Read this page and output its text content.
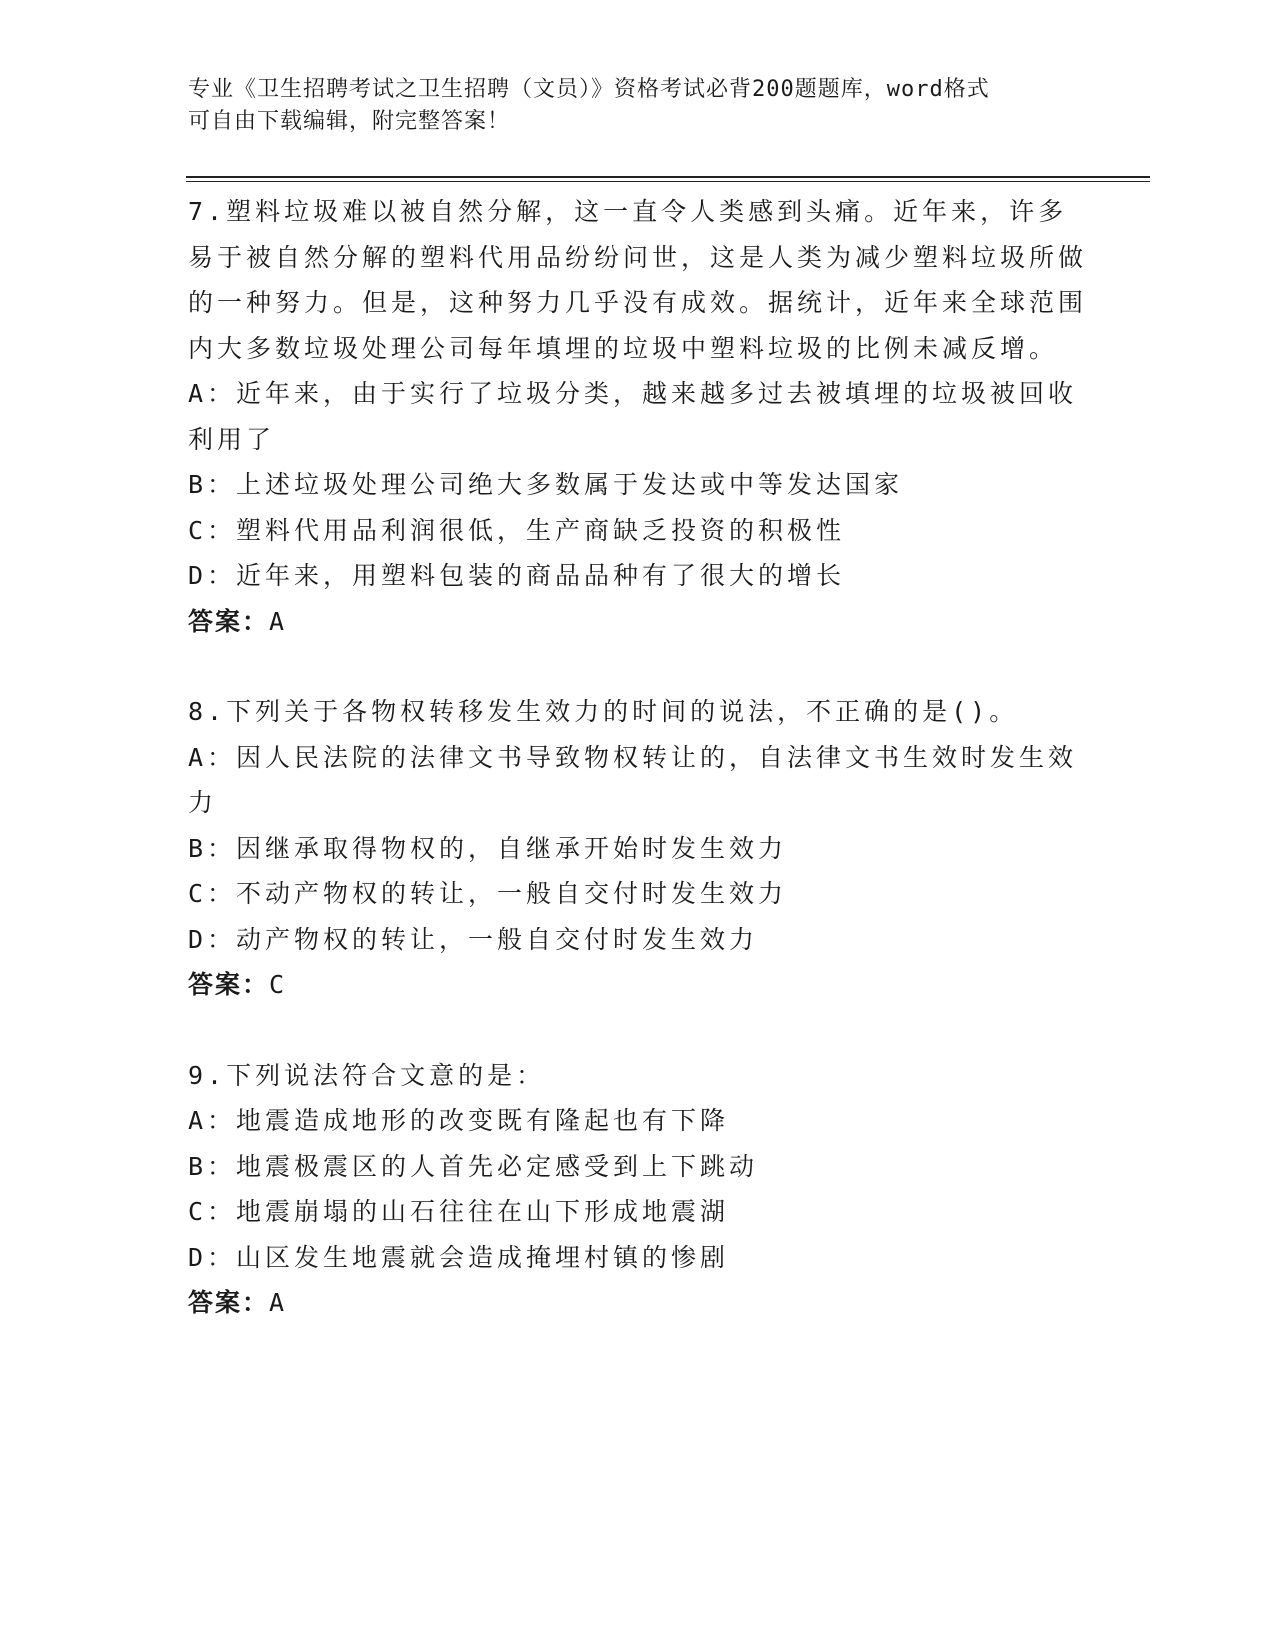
专业《卫生招聘考试之卫生招聘（文员）》资格考试必背200题题库，word格式
可自由下载编辑，附完整答案！

7.塑料垃圾难以被自然分解，这一直令人类感到头痛。近年来，许多易于被自然分解的塑料代用品纷纷问世，这是人类为减少塑料垃圾所做的一种努力。但是，这种努力几乎没有成效。据统计，近年来全球范围内大多数垃圾处理公司每年填埋的垃圾中塑料垃圾的比例未减反增。

A：近年来，由于实行了垃圾分类，越来越多过去被填埋的垃圾被回收利用了

B：上述垃圾处理公司绝大多数属于发达或中等发达国家

C：塑料代用品利润很低，生产商缺乏投资的积极性

D：近年来，用塑料包装的商品品种有了很大的增长

答案：A

8.下列关于各物权转移发生效力的时间的说法，不正确的是()。

A：因人民法院的法律文书导致物权转让的，自法律文书生效时发生效力

B：因继承取得物权的，自继承开始时发生效力

C：不动产物权的转让，一般自交付时发生效力

D：动产物权的转让，一般自交付时发生效力

答案：C

9.下列说法符合文意的是：

A：地震造成地形的改变既有隆起也有下降

B：地震极震区的人首先必定感受到上下跳动

C：地震崩塌的山石往往在山下形成地震湖

D：山区发生地震就会造成掩埋村镇的惨剧

答案：A
